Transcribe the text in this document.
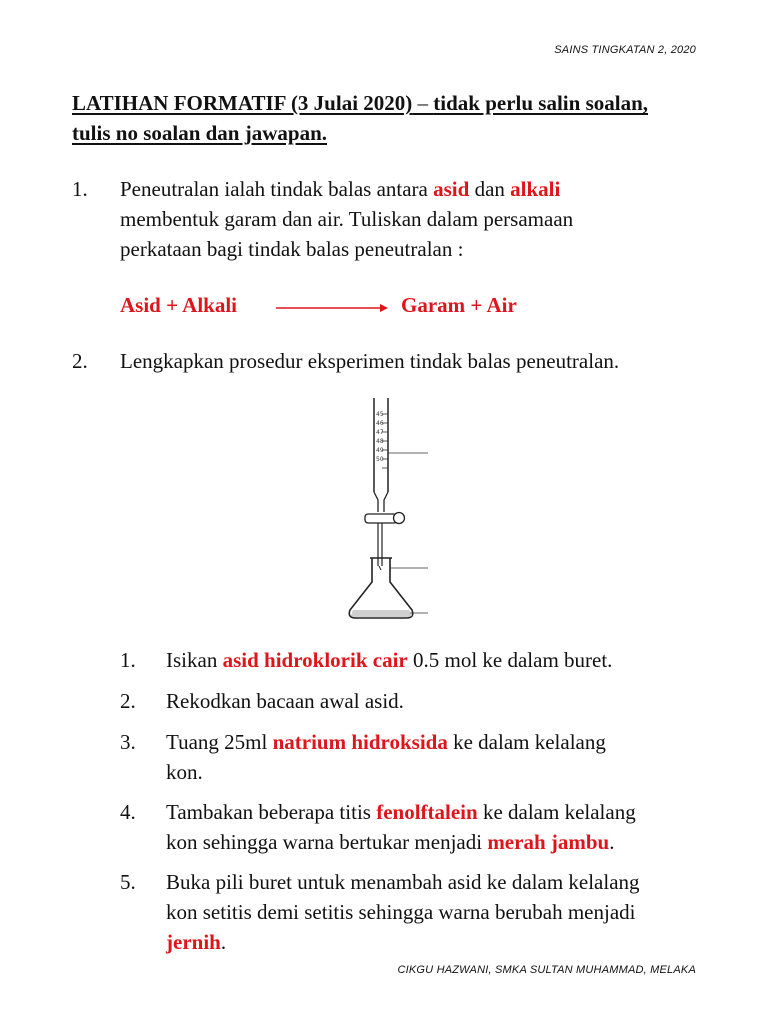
SAINS TINGKATAN 2, 2020
LATIHAN FORMATIF (3 Julai 2020) – tidak perlu salin soalan, tulis no soalan dan jawapan.
1.	Peneutralan ialah tindak balas antara asid dan alkali
membentuk garam dan air. Tuliskan dalam persamaan
perkataan bagi tindak balas peneutralan :
Asid + Alkali	Garam + Air
2.	Lengkapkan prosedur eksperimen tindak balas peneutralan.
45
46
47
48
49
50
1.	Isikan asid hidroklorik cair 0.5 mol ke dalam buret.
2.	Rekodkan bacaan awal asid.
3.	Tuang 25ml natrium hidroksida ke dalam kelalang
kon.
4.	Tambakan beberapa titis fenolftalein ke dalam kelalang
kon sehingga warna bertukar menjadi merah jambu.
5.	Buka pili buret untuk menambah asid ke dalam kelalang
kon setitis demi setitis sehingga warna berubah menjadi
jernih.
CIKGU HAZWANI, SMKA SULTAN MUHAMMAD, MELAKA
